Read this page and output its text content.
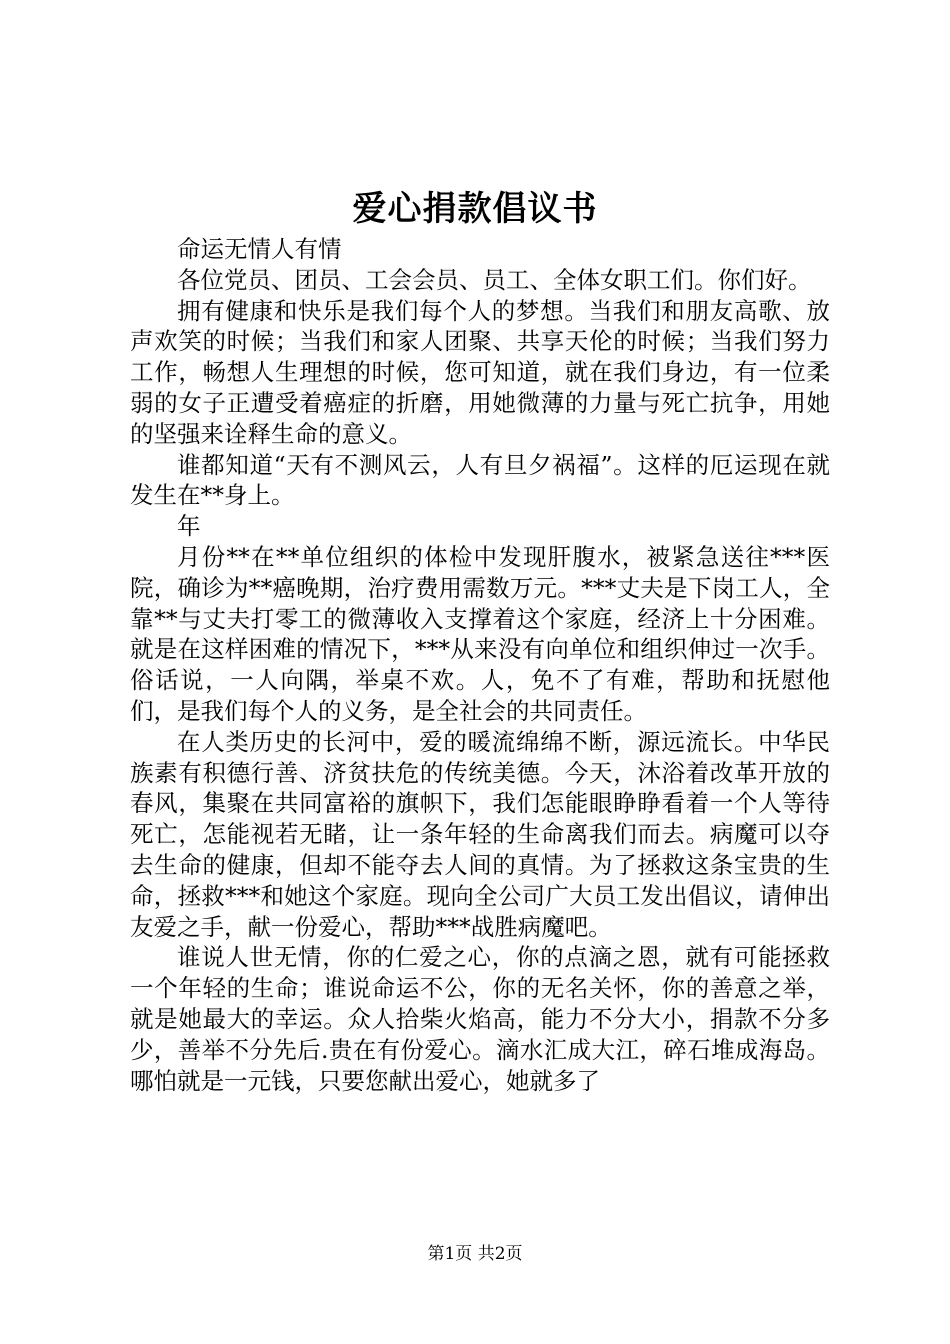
爱心捐款倡议书

命运无情人有情

各位党员、团员、工会会员、员工、全体女职工们。你们好。

拥有健康和快乐是我们每个人的梦想。当我们和朋友高歌、放声欢笑的时候；当我们和家人团聚、共享天伦的时候；当我们努力工作，畅想人生理想的时候，您可知道，就在我们身边，有一位柔弱的女子正遭受着癌症的折磨，用她微薄的力量与死亡抗争，用她的坚强来诠释生命的意义。

谁都知道“天有不测风云，人有旦夕祸福”。这样的厄运现在就发生在**身上。

年

月份**在**单位组织的体检中发现肝腹水，被紧急送往***医院，确诊为**癌晚期，治疗费用需数万元。***丈夫是下岗工人，全靠**与丈夫打零工的微薄收入支撑着这个家庭，经济上十分困难。就是在这样困难的情况下，***从来没有向单位和组织伸过一次手。俗话说，一人向隅，举桌不欢。人，免不了有难，帮助和抚慰他们，是我们每个人的义务，是全社会的共同责任。

在人类历史的长河中，爱的暖流绵绵不断，源远流长。中华民族素有积德行善、济贫扶危的传统美德。今天，沐浴着改革开放的春风，集聚在共同富裕的旗帜下，我们怎能眼睁睁看着一个人等待死亡，怎能视若无睹，让一条年轻的生命离我们而去。病魔可以夺去生命的健康，但却不能夺去人间的真情。为了拯救这条宝贵的生命，拯救***和她这个家庭。现向全公司广大员工发出倡议，请伸出友爱之手，献一份爱心，帮助***战胜病魔吧。

谁说人世无情，你的仁爱之心，你的点滴之恩，就有可能拯救一个年轻的生命；谁说命运不公，你的无名关怀，你的善意之举，就是她最大的幸运。众人拾柴火焰高，能力不分大小，捐款不分多少，善举不分先后.贵在有份爱心。滴水汇成大江，碎石堆成海岛。哪怕就是一元钱，只要您献出爱心，她就多了

第1页 共2页
